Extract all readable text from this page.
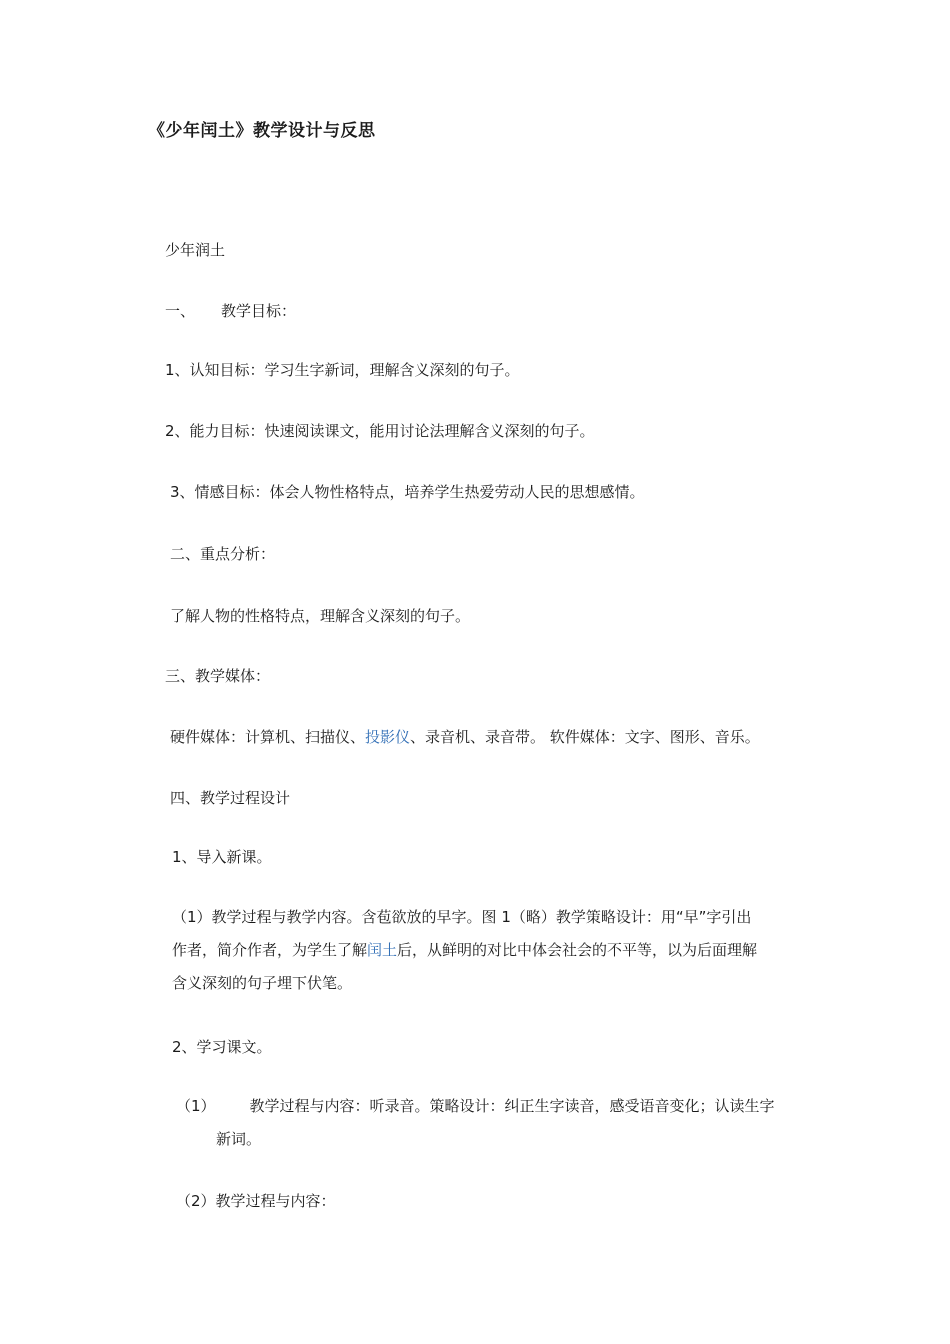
《少年闰土》教学设计与反思
少年润土
一、 教学目标：
1、认知目标：学习生字新词，理解含义深刻的句子。
2、能力目标：快速阅读课文，能用讨论法理解含义深刻的句子。
3、情感目标：体会人物性格特点，培养学生热爱劳动人民的思想感情。
二、重点分析：
了解人物的性格特点，理解含义深刻的句子。
三、教学媒体：
硬件媒体：计算机、扫描仪、投影仪、录音机、录音带。 软件媒体：文字、图形、音乐。
四、教学过程设计
1、导入新课。
（1）教学过程与教学内容。含苞欲放的早字。图 1（略）教学策略设计：用“早”字引出
作者，简介作者，为学生了解闰土后，从鲜明的对比中体会社会的不平等，以为后面理解
含义深刻的句子埋下伏笔。
2、学习课文。
（1） 教学过程与内容：听录音。策略设计：纠正生字读音，感受语音变化；认读生字
新词。
（2）教学过程与内容：
